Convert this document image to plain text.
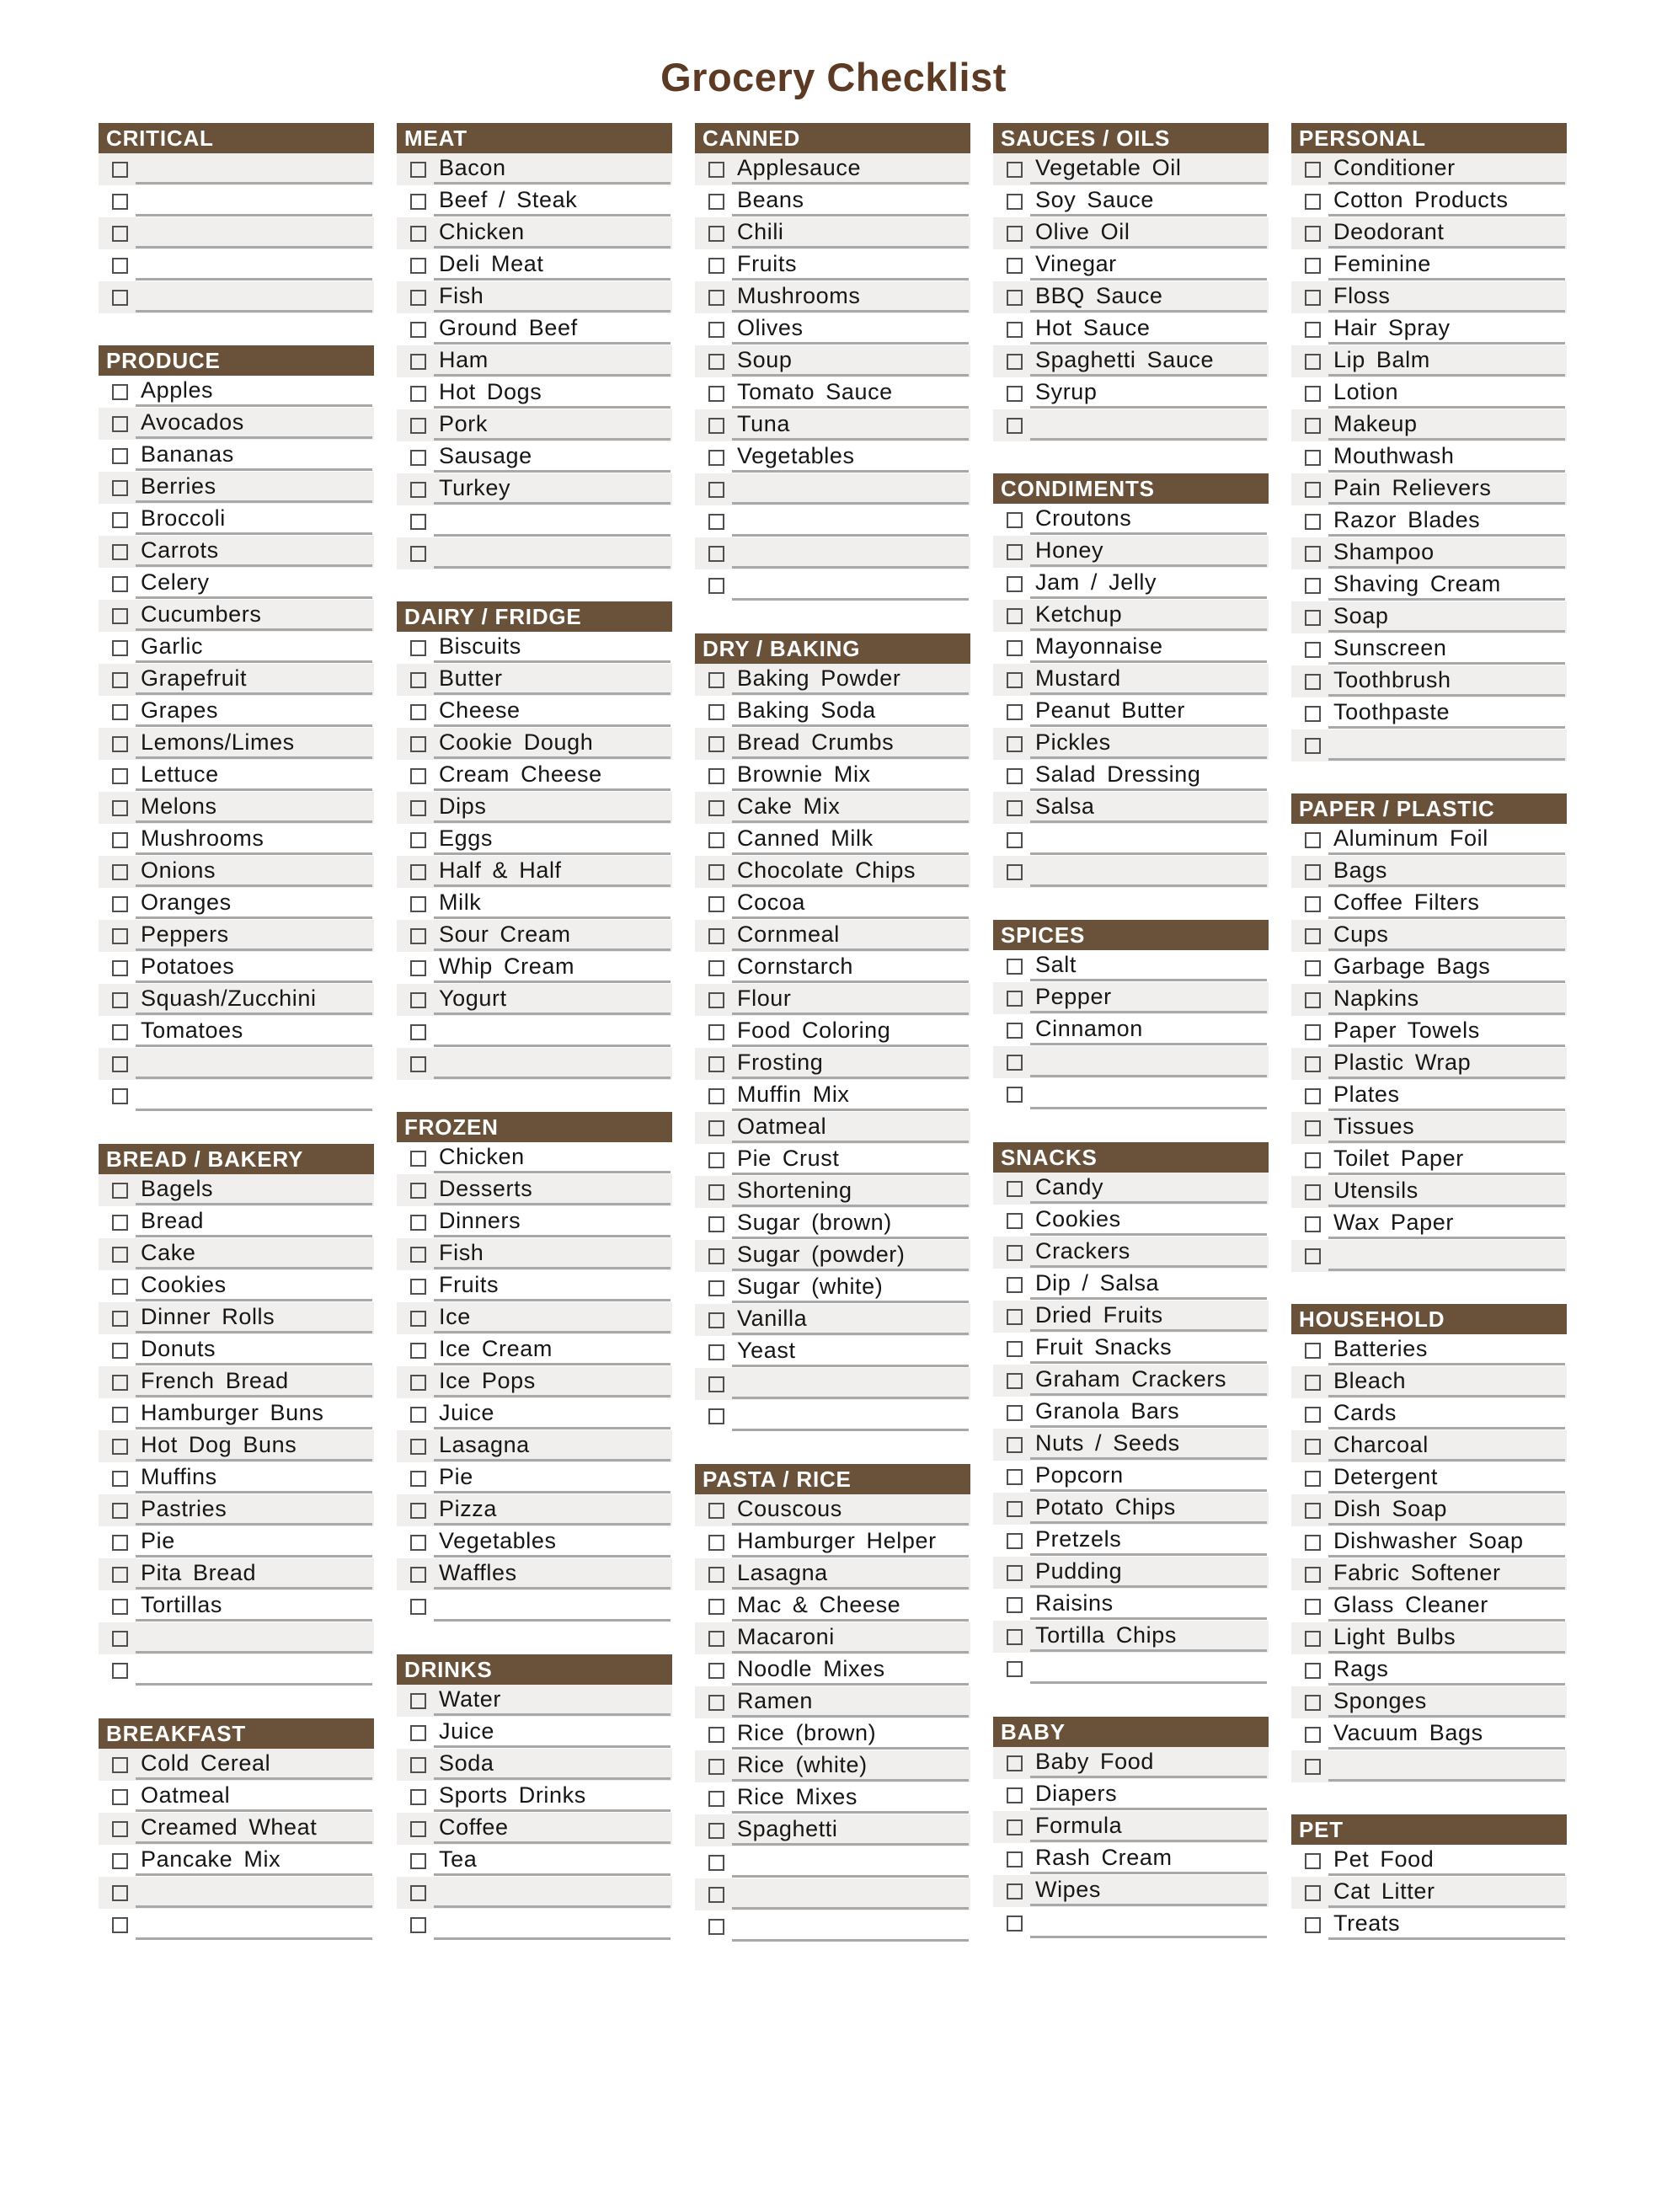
Grocery Checklist
CRITICAL
PRODUCE
Apples
Avocados
Bananas
Berries
Broccoli
Carrots
Celery
Cucumbers
Garlic
Grapefruit
Grapes
Lemons/Limes
Lettuce
Melons
Mushrooms
Onions
Oranges
Peppers
Potatoes
Squash/Zucchini
Tomatoes
BREAD / BAKERY
Bagels
Bread
Cake
Cookies
Dinner Rolls
Donuts
French Bread
Hamburger Buns
Hot Dog Buns
Muffins
Pastries
Pie
Pita Bread
Tortillas
BREAKFAST
Cold Cereal
Oatmeal
Creamed Wheat
Pancake Mix
MEAT
Bacon
Beef / Steak
Chicken
Deli Meat
Fish
Ground Beef
Ham
Hot Dogs
Pork
Sausage
Turkey
DAIRY / FRIDGE
Biscuits
Butter
Cheese
Cookie Dough
Cream Cheese
Dips
Eggs
Half & Half
Milk
Sour Cream
Whip Cream
Yogurt
FROZEN
Chicken
Desserts
Dinners
Fish
Fruits
Ice
Ice Cream
Ice Pops
Juice
Lasagna
Pie
Pizza
Vegetables
Waffles
DRINKS
Water
Juice
Soda
Sports Drinks
Coffee
Tea
CANNED
Applesauce
Beans
Chili
Fruits
Mushrooms
Olives
Soup
Tomato Sauce
Tuna
Vegetables
DRY / BAKING
Baking Powder
Baking Soda
Bread Crumbs
Brownie Mix
Cake Mix
Canned Milk
Chocolate Chips
Cocoa
Cornmeal
Cornstarch
Flour
Food Coloring
Frosting
Muffin Mix
Oatmeal
Pie Crust
Shortening
Sugar (brown)
Sugar (powder)
Sugar (white)
Vanilla
Yeast
PASTA / RICE
Couscous
Hamburger Helper
Lasagna
Mac & Cheese
Macaroni
Noodle Mixes
Ramen
Rice (brown)
Rice (white)
Rice Mixes
Spaghetti
SAUCES / OILS
Vegetable Oil
Soy Sauce
Olive Oil
Vinegar
BBQ Sauce
Hot Sauce
Spaghetti Sauce
Syrup
CONDIMENTS
Croutons
Honey
Jam / Jelly
Ketchup
Mayonnaise
Mustard
Peanut Butter
Pickles
Salad Dressing
Salsa
SPICES
Salt
Pepper
Cinnamon
SNACKS
Candy
Cookies
Crackers
Dip / Salsa
Dried Fruits
Fruit Snacks
Graham Crackers
Granola Bars
Nuts / Seeds
Popcorn
Potato Chips
Pretzels
Pudding
Raisins
Tortilla Chips
BABY
Baby Food
Diapers
Formula
Rash Cream
Wipes
PERSONAL
Conditioner
Cotton Products
Deodorant
Feminine
Floss
Hair Spray
Lip Balm
Lotion
Makeup
Mouthwash
Pain Relievers
Razor Blades
Shampoo
Shaving Cream
Soap
Sunscreen
Toothbrush
Toothpaste
PAPER / PLASTIC
Aluminum Foil
Bags
Coffee Filters
Cups
Garbage Bags
Napkins
Paper Towels
Plastic Wrap
Plates
Tissues
Toilet Paper
Utensils
Wax Paper
HOUSEHOLD
Batteries
Bleach
Cards
Charcoal
Detergent
Dish Soap
Dishwasher Soap
Fabric Softener
Glass Cleaner
Light Bulbs
Rags
Sponges
Vacuum Bags
PET
Pet Food
Cat Litter
Treats
